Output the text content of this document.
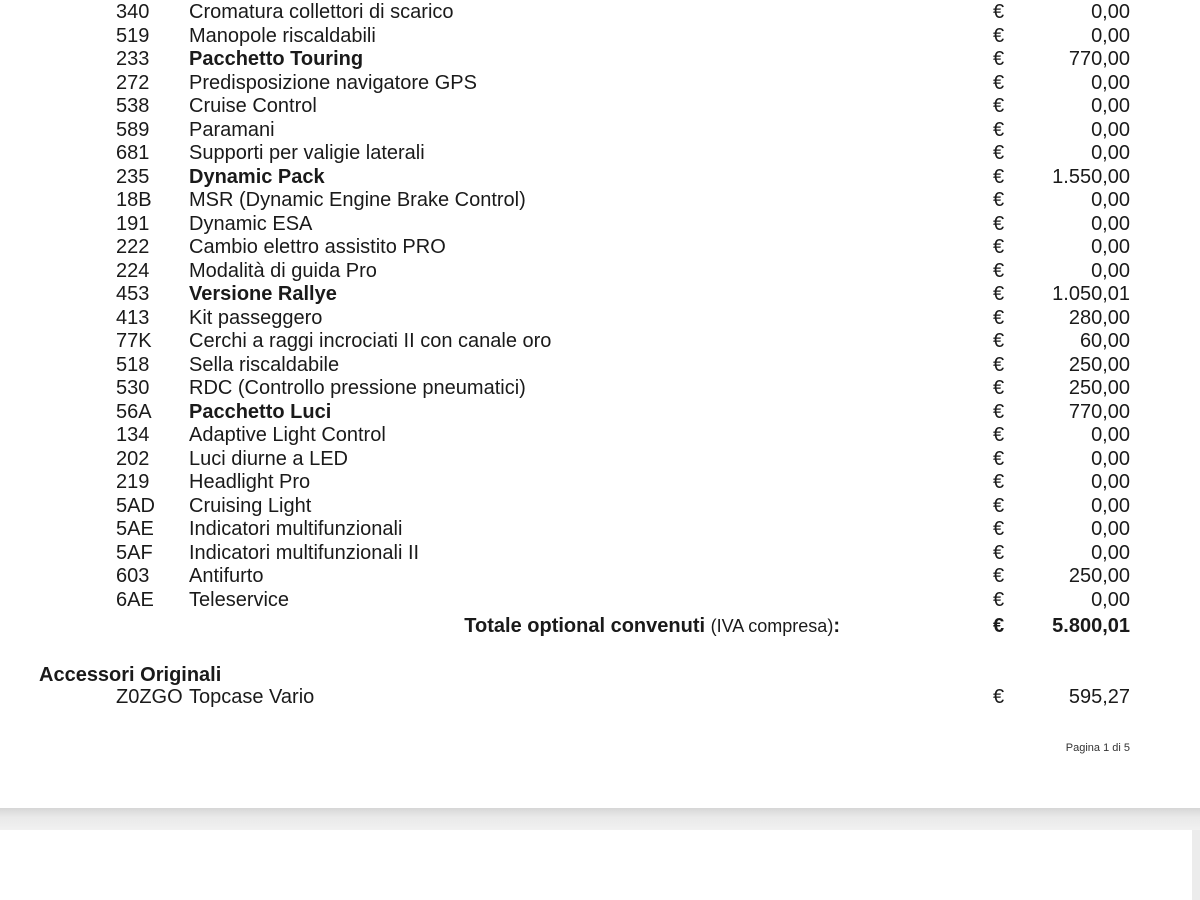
340 Cromatura collettori di scarico	€	0,00
519 Manopole riscaldabili	€	0,00
233 Pacchetto Touring	€	770,00
272 Predisposizione navigatore GPS	€	0,00
538 Cruise Control	€	0,00
589 Paramani	€	0,00
681 Supporti per valigie laterali	€	0,00
235 Dynamic Pack	€ 1.550,00
18B MSR (Dynamic Engine Brake Control)	€	0,00
191 Dynamic ESA	€	0,00
222 Cambio elettro assistito PRO	€	0,00
224 Modalità di guida Pro	€	0,00
453 Versione Rallye	€ 1.050,01
413 Kit passeggero	€	280,00
77K Cerchi a raggi incrociati II con canale oro	€	60,00
518 Sella riscaldabile	€	250,00
530 RDC (Controllo pressione pneumatici)	€	250,00
56A Pacchetto Luci	€	770,00
134 Adaptive Light Control	€	0,00
202 Luci diurne a LED	€	0,00
219 Headlight Pro	€	0,00
5AD Cruising Light	€	0,00
5AE Indicatori multifunzionali	€	0,00
5AF Indicatori multifunzionali II	€	0,00
603 Antifurto	€	250,00
6AE Teleservice	€	0,00
Totale optional convenuti (IVA compresa):	€ 5.800,01
Accessori Originali
Z0ZGO Topcase Vario	€	595,27
Pagina 1 di 5
